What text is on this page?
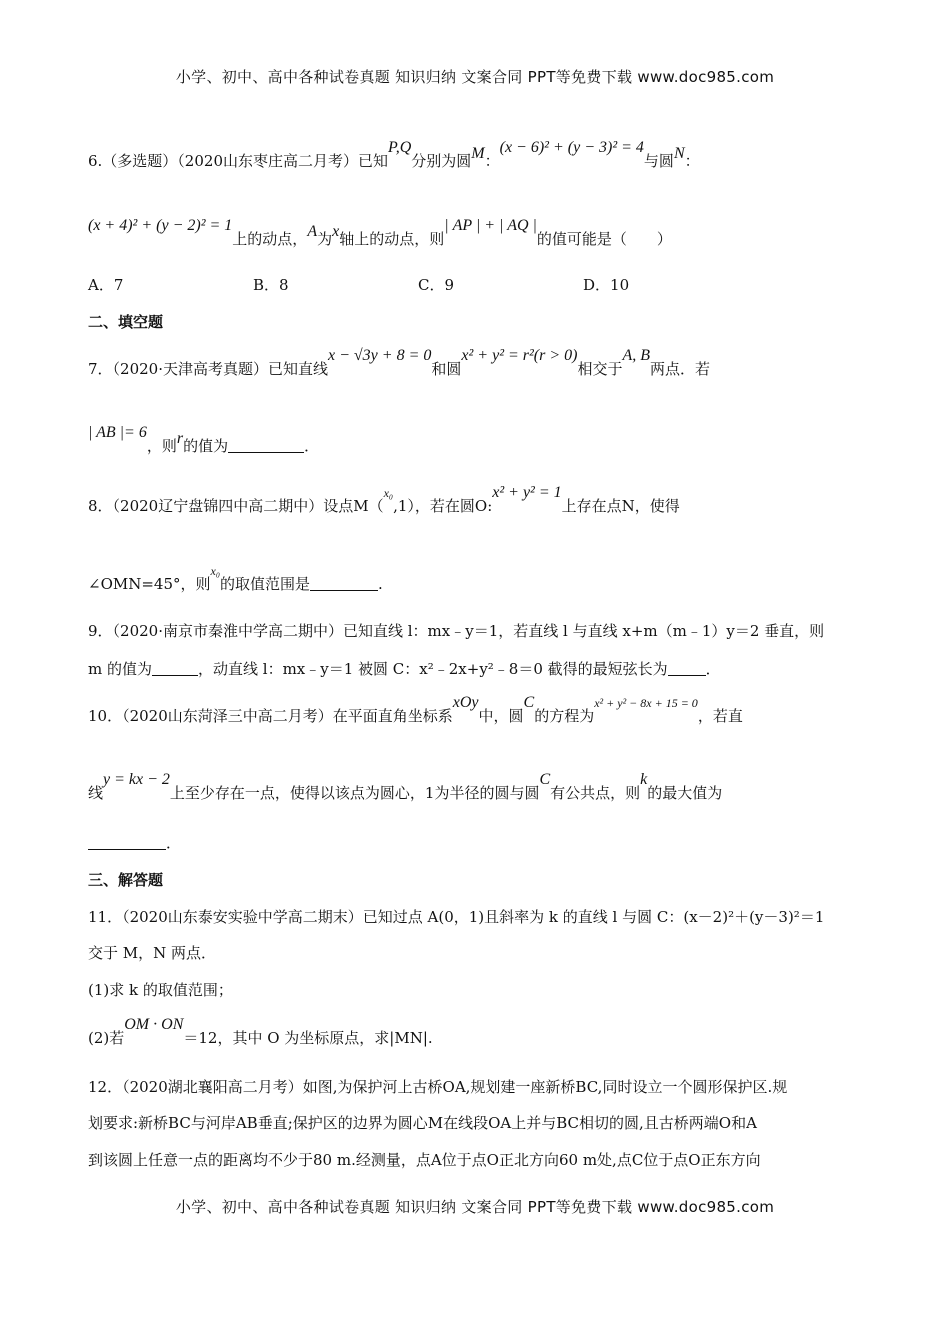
小学、初中、高中各种试卷真题 知识归纳 文案合同 PPT等免费下载 www.doc985.com
6.（多选题）（2020山东枣庄高二月考）已知P,Q分别为圆M：(x − 6)² + (y − 3)² = 4与圆N：
(x + 4)² + (y − 2)² = 1上的动点，A为x轴上的动点，则| AP | + | AQ |的值可能是（　　）
A．7	B．8	C．9	D．10
二、填空题
7．（2020·天津高考真题）已知直线x − √3y + 8 = 0和圆x² + y² = r²(r > 0)相交于A, B两点．若
| AB |= 6，则r的值为	．
8．（2020辽宁盘锦四中高二期中）设点M（$^{x_0}$,1），若在圆O:x² + y² = 1上存在点N，使得
∠OMN=45°，则$^{x_0}$的取值范围是	.
9．（2020·南京市秦淮中学高二期中）已知直线 l：mx﹣y＝1，若直线 l 与直线 x+m（m﹣1）y＝2 垂直，则
m 的值为	，动直线 l：mx﹣y＝1 被圆 C：x²﹣2x+y²﹣8＝0 截得的最短弦长为	．
10．（2020山东菏泽三中高二月考）在平面直角坐标系xOy中，圆C的方程为$^{x^2 + y^2 - 8x + 15 = 0}$，若直
线y = kx − 2上至少存在一点，使得以该点为圆心，1为半径的圆与圆C有公共点，则k的最大值为
．
三、解答题
11．（2020山东泰安实验中学高二期末）已知过点 A(0，1)且斜率为 k 的直线 l 与圆 C：(x－2)²＋(y－3)²＝1
交于 M，N 两点．
(1)求 k 的取值范围；
(2)若OM · ON＝12，其中 O 为坐标原点，求|MN|.
12．（2020湖北襄阳高二月考）如图,为保护河上古桥OA,规划建一座新桥BC,同时设立一个圆形保护区.规
划要求:新桥BC与河岸AB垂直;保护区的边界为圆心M在线段OA上并与BC相切的圆,且古桥两端O和A
到该圆上任意一点的距离均不少于80 m.经测量，点A位于点O正北方向60 m处,点C位于点O正东方向
小学、初中、高中各种试卷真题 知识归纳 文案合同 PPT等免费下载 www.doc985.com
